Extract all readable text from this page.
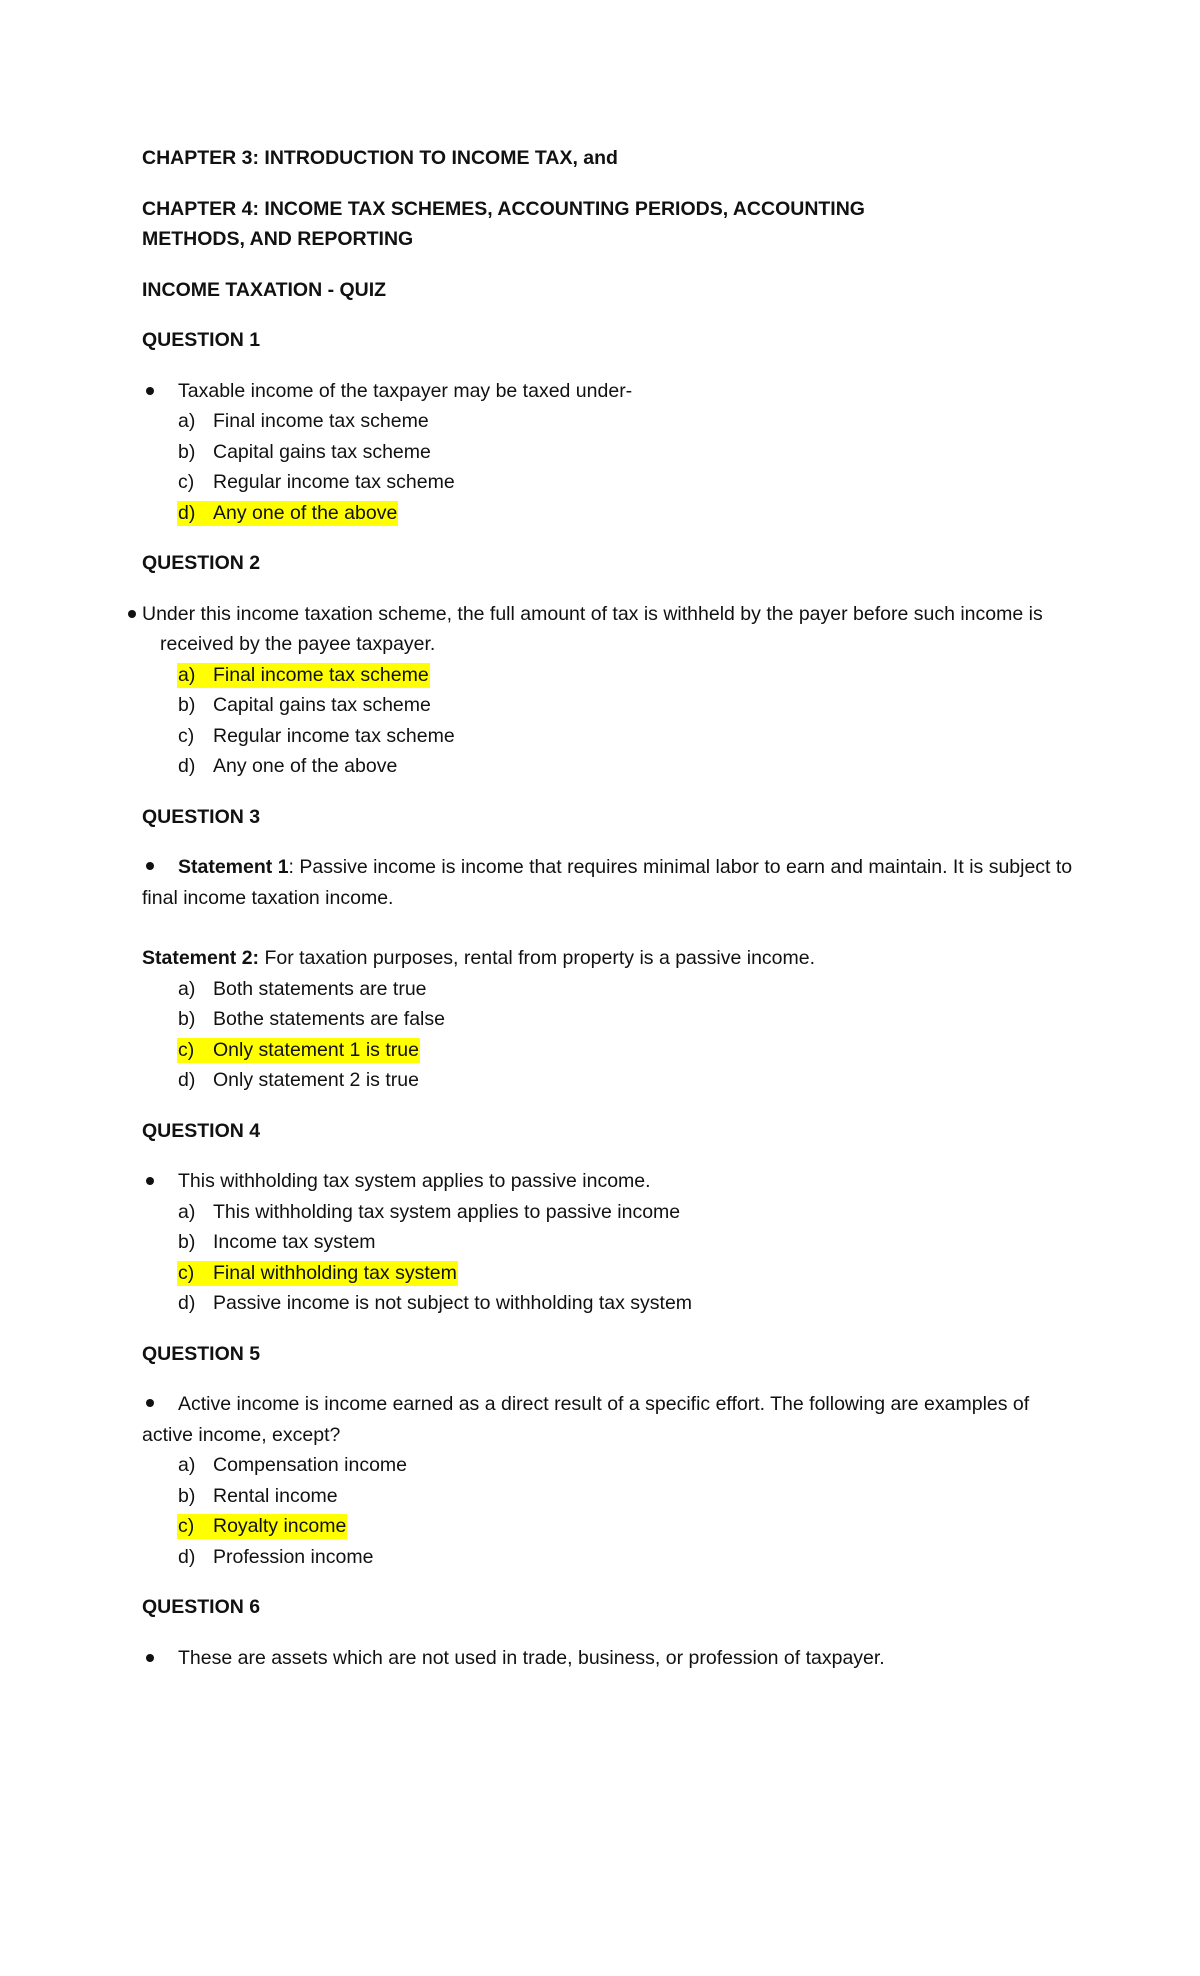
CHAPTER 3: INTRODUCTION TO INCOME TAX, and

CHAPTER 4: INCOME TAX SCHEMES, ACCOUNTING PERIODS, ACCOUNTING METHODS, AND REPORTING

INCOME TAXATION - QUIZ

QUESTION 1

Taxable income of the taxpayer may be taxed under-

a) Final income tax scheme
b) Capital gains tax scheme
c) Regular income tax scheme
d) Any one of the above

QUESTION 2

Under this income taxation scheme, the full amount of tax is withheld by the payer before such income is received by the payee taxpayer.

a) Final income tax scheme
b) Capital gains tax scheme
c) Regular income tax scheme
d) Any one of the above

QUESTION 3

Statement 1: Passive income is income that requires minimal labor to earn and maintain. It is subject to final income taxation income.

Statement 2: For taxation purposes, rental from property is a passive income.

a) Both statements are true
b) Bothe statements are false
c) Only statement 1 is true
d) Only statement 2 is true

QUESTION 4

This withholding tax system applies to passive income.

a) This withholding tax system applies to passive income
b) Income tax system
c) Final withholding tax system
d) Passive income is not subject to withholding tax system

QUESTION 5

Active income is income earned as a direct result of a specific effort. The following are examples of active income, except?

a) Compensation income
b) Rental income
c) Royalty income
d) Profession income

QUESTION 6

These are assets which are not used in trade, business, or profession of taxpayer.
